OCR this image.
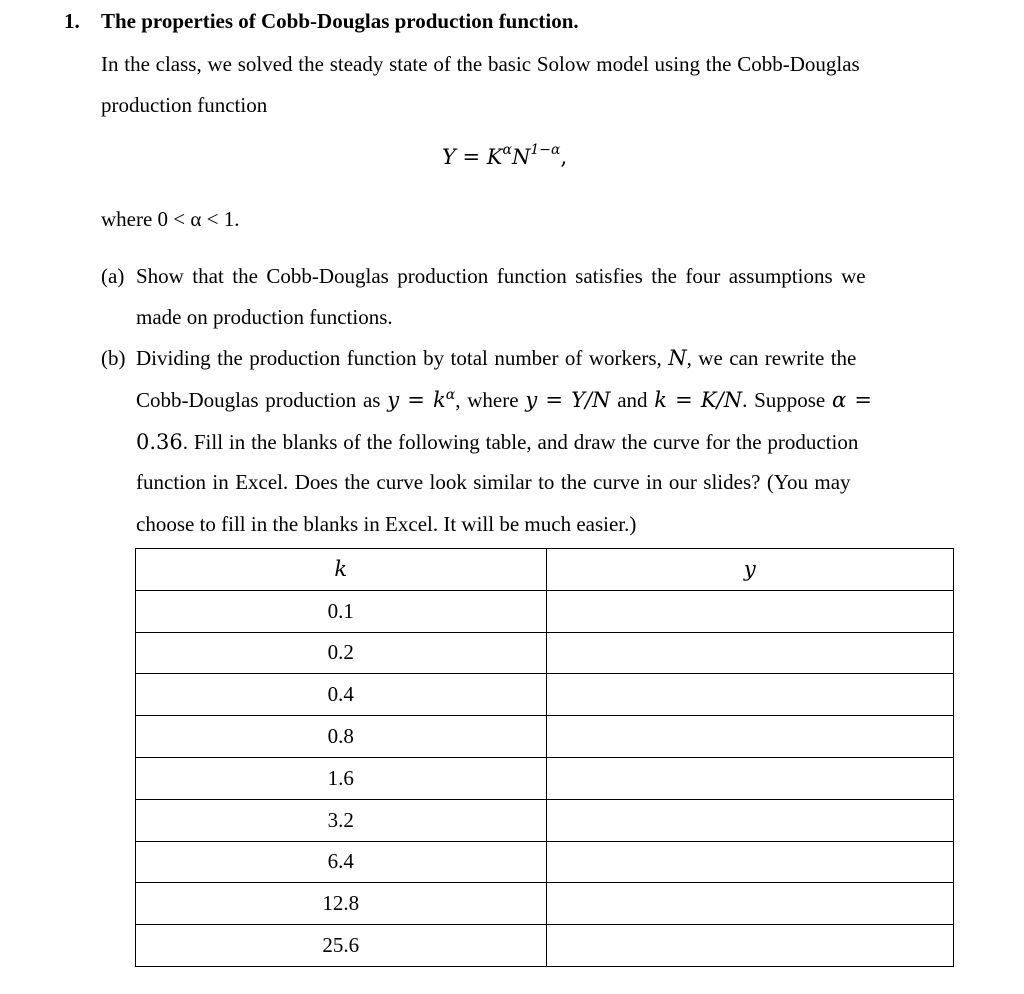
1. The properties of Cobb-Douglas production function.
In the class, we solved the steady state of the basic Solow model using the Cobb-Douglas
production function
$Y = K^\alpha N^{1-\alpha}$,
where 0 < α < 1.
(a) Show that the Cobb-Douglas production function satisfies the four assumptions we
made on production functions.
(b) Dividing the production function by total number of workers, N, we can rewrite the
Cobb-Douglas production as $y = k^\alpha$, where y = Y/N and k = K/N. Suppose α =
0.36. Fill in the blanks of the following table, and draw the curve for the production
function in Excel. Does the curve look similar to the curve in our slides? (You may
choose to fill in the blanks in Excel. It will be much easier.)
k	y
0.1	
0.2	
0.4	
0.8	
1.6	
3.2	
6.4	
12.8	
25.6	
